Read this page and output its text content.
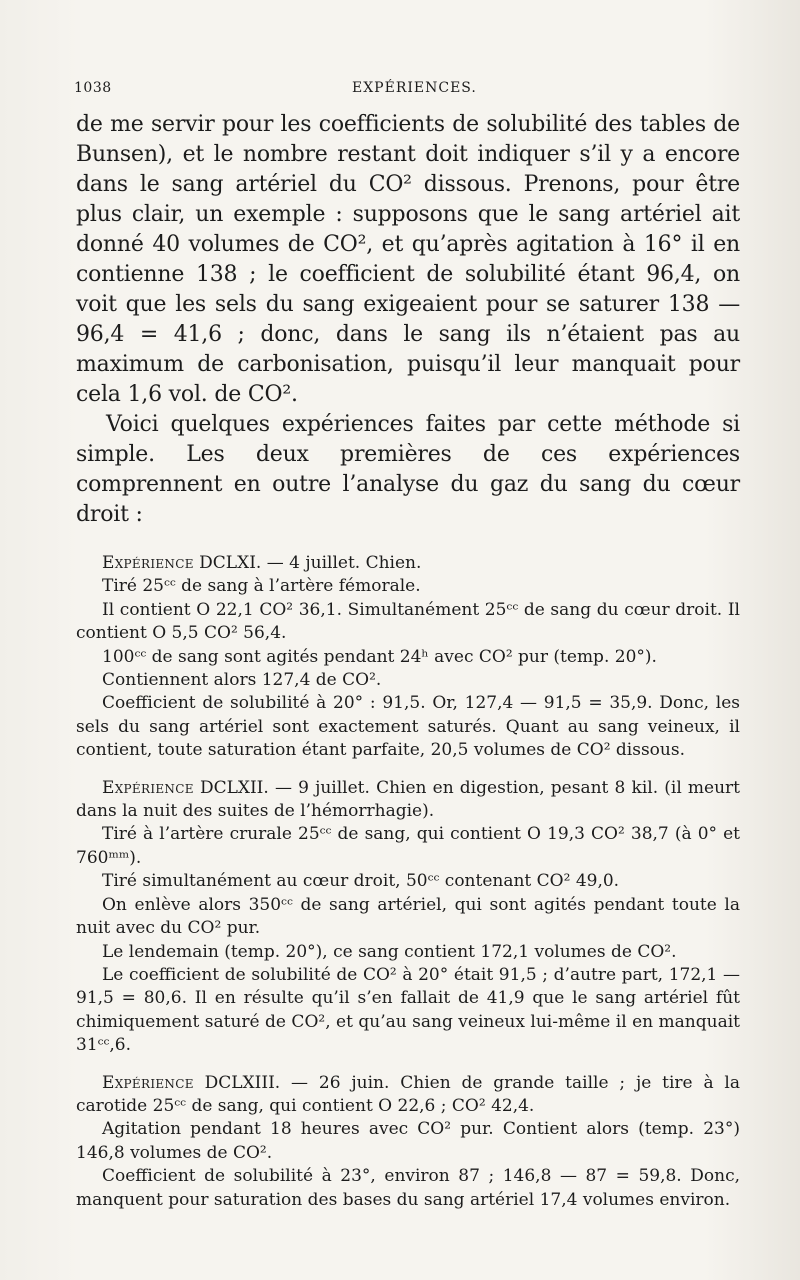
1038	EXPÉRIENCES.

de me servir pour les coefficients de solubilité des tables de Bunsen), et le nombre restant doit indiquer s’il y a encore dans le sang artériel du CO² dissous. Prenons, pour être plus clair, un exemple : supposons que le sang artériel ait donné 40 volumes de CO², et qu’après agitation à 16° il en contienne 138 ; le coefficient de solubilité étant 96,4, on voit que les sels du sang exigeaient pour se saturer 138 — 96,4 = 41,6 ; donc, dans le sang ils n’étaient pas au maximum de carbonisation, puisqu’il leur manquait pour cela 1,6 vol. de CO².

Voici quelques expériences faites par cette méthode si simple. Les deux premières de ces expériences comprennent en outre l’analyse du gaz du sang du cœur droit :

Expérience DCLXI. — 4 juillet. Chien.

Tiré 25ᶜᶜ de sang à l’artère fémorale.

Il contient O 22,1 CO² 36,1. Simultanément 25ᶜᶜ de sang du cœur droit. Il contient O 5,5 CO² 56,4.

100ᶜᶜ de sang sont agités pendant 24ʰ avec CO² pur (temp. 20°).

Contiennent alors 127,4 de CO².

Coefficient de solubilité à 20° : 91,5. Or, 127,4 — 91,5 = 35,9. Donc, les sels du sang artériel sont exactement saturés. Quant au sang veineux, il contient, toute saturation étant parfaite, 20,5 volumes de CO² dissous.

Expérience DCLXII. — 9 juillet. Chien en digestion, pesant 8 kil. (il meurt dans la nuit des suites de l’hémorrhagie).

Tiré à l’artère crurale 25ᶜᶜ de sang, qui contient O 19,3 CO² 38,7 (à 0° et 760ᵐᵐ).

Tiré simultanément au cœur droit, 50ᶜᶜ contenant CO² 49,0.

On enlève alors 350ᶜᶜ de sang artériel, qui sont agités pendant toute la nuit avec du CO² pur.

Le lendemain (temp. 20°), ce sang contient 172,1 volumes de CO².

Le coefficient de solubilité de CO² à 20° était 91,5 ; d’autre part, 172,1 — 91,5 = 80,6. Il en résulte qu’il s’en fallait de 41,9 que le sang artériel fût chimiquement saturé de CO², et qu’au sang veineux lui-même il en manquait 31ᶜᶜ,6.

Expérience DCLXIII. — 26 juin. Chien de grande taille ; je tire à la carotide 25ᶜᶜ de sang, qui contient O 22,6 ; CO² 42,4.

Agitation pendant 18 heures avec CO² pur. Contient alors (temp. 23°) 146,8 volumes de CO².

Coefficient de solubilité à 23°, environ 87 ; 146,8 — 87 = 59,8. Donc, manquent pour saturation des bases du sang artériel 17,4 volumes environ.
